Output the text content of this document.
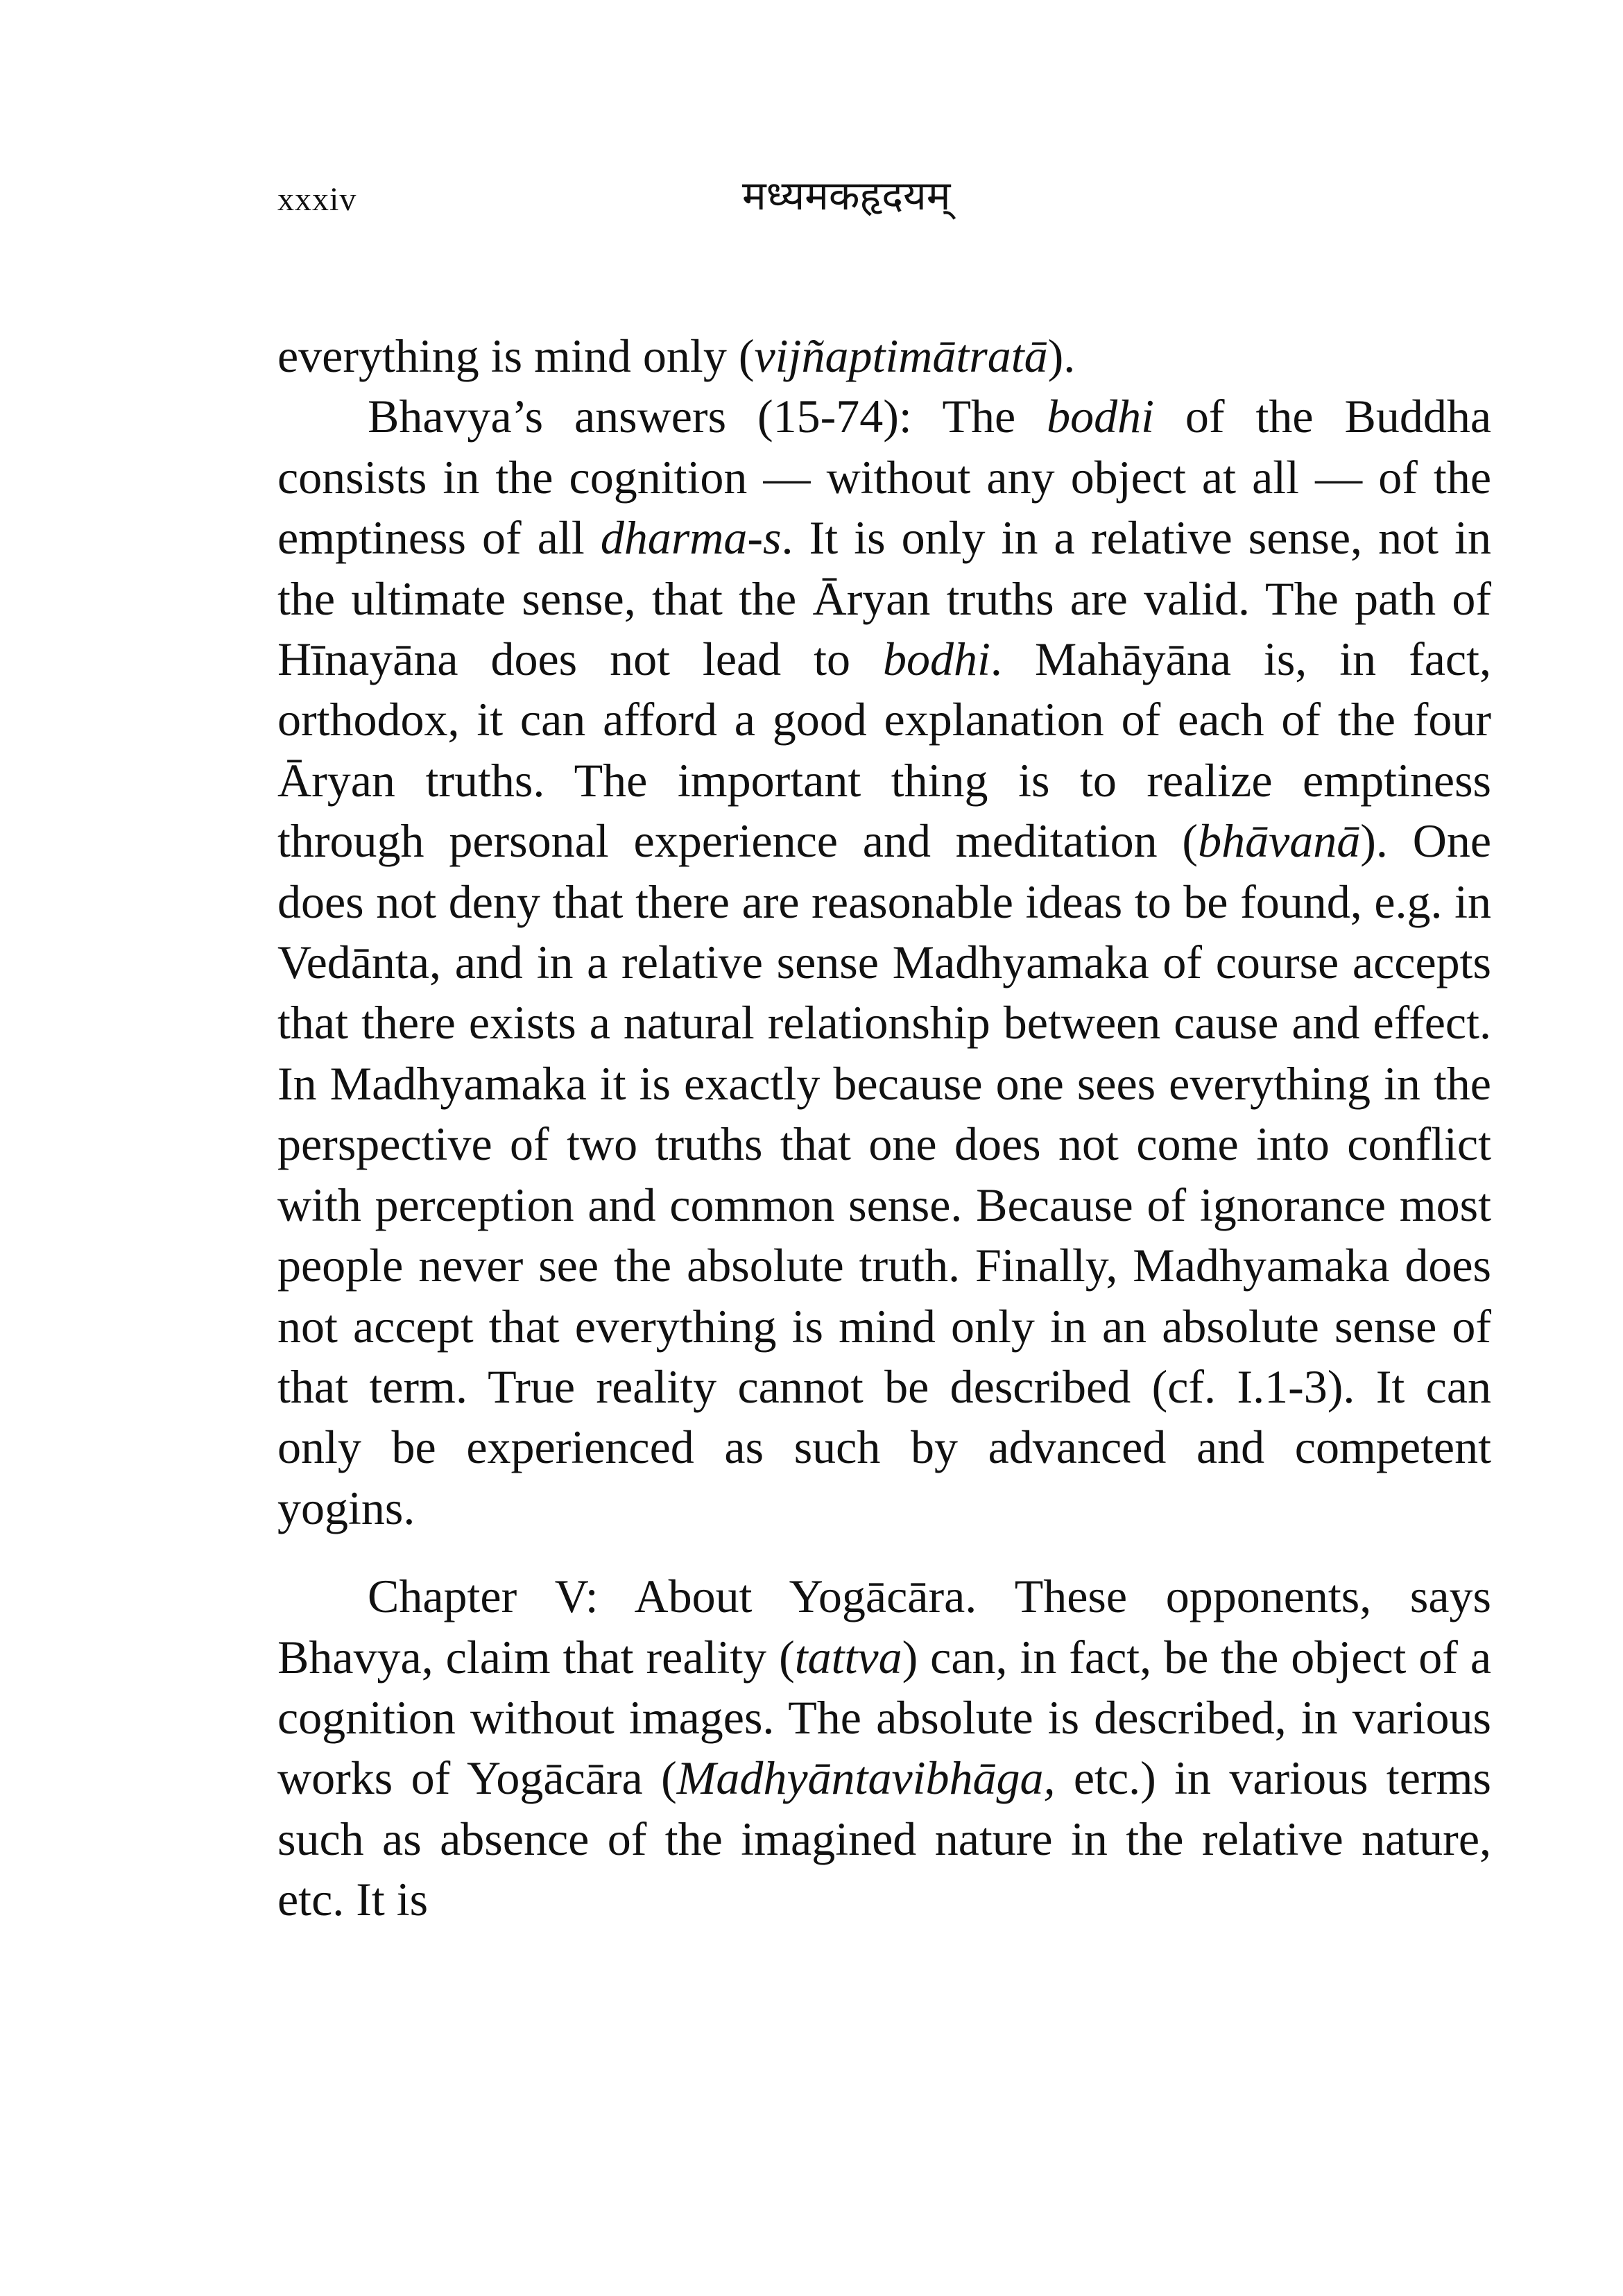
xxxiv	मध्यमकहृदयम्

everything is mind only (vijñaptimātratā).

Bhavya’s answers (15-74): The bodhi of the Buddha consists in the cognition — without any object at all — of the emptiness of all dharma-s. It is only in a relative sense, not in the ultimate sense, that the Āryan truths are valid. The path of Hīnayāna does not lead to bodhi. Mahāyāna is, in fact, orthodox, it can afford a good explanation of each of the four Āryan truths. The important thing is to realize emptiness through personal experience and meditation (bhāvanā). One does not deny that there are reasonable ideas to be found, e.g. in Vedānta, and in a relative sense Madhyamaka of course accepts that there exists a natural relationship between cause and effect. In Madhyamaka it is exactly because one sees everything in the perspective of two truths that one does not come into conflict with perception and common sense. Because of ignorance most people never see the absolute truth. Finally, Madhyamaka does not accept that everything is mind only in an absolute sense of that term. True reality cannot be described (cf. I.1-3). It can only be experienced as such by advanced and competent yogins.

Chapter V: About Yogācāra. These opponents, says Bhavya, claim that reality (tattva) can, in fact, be the object of a cognition without images. The absolute is described, in various works of Yogācāra (Madhyāntavibhāga, etc.) in various terms such as absence of the imagined nature in the relative nature, etc. It is
